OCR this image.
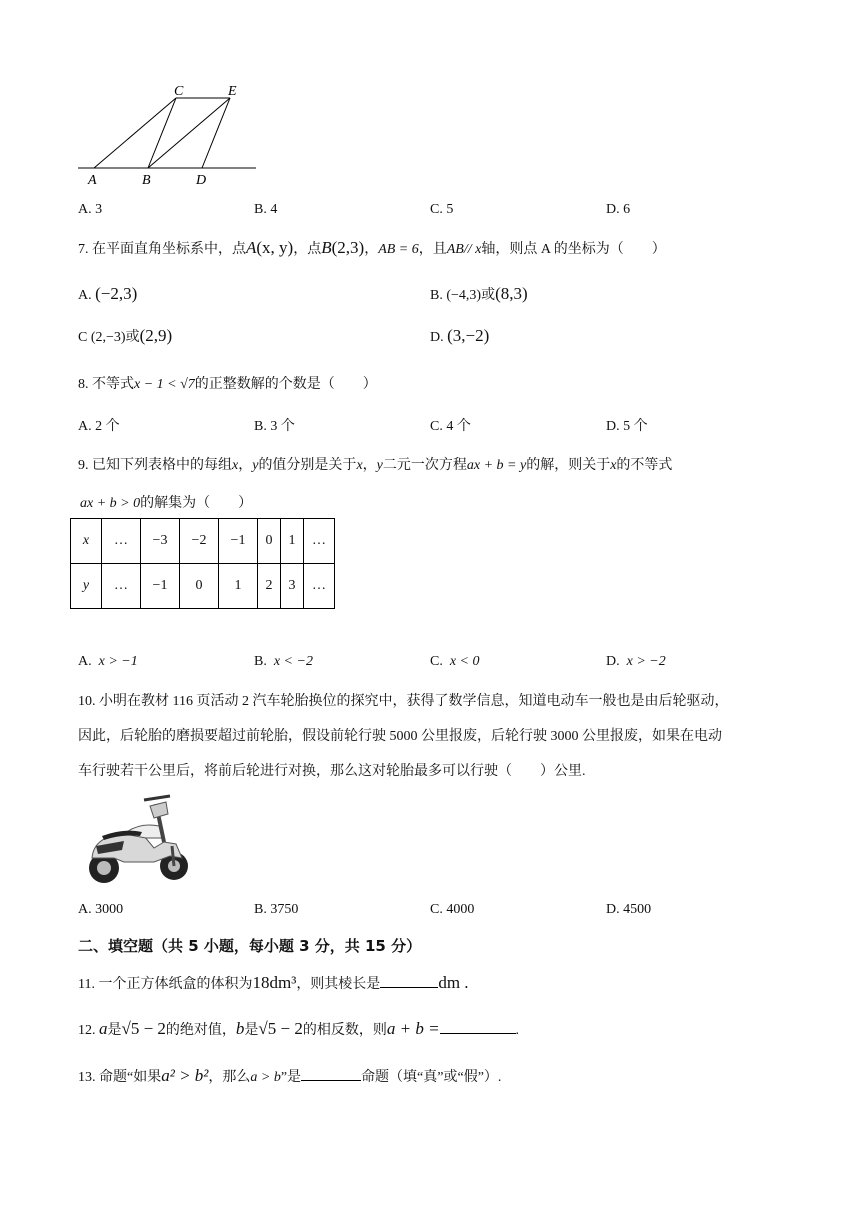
A	B	D
C	E
A. 3	B. 4	C. 5	D. 6
7. 在平面直角坐标系中，点A(x, y)，点B(2,3)，AB = 6，且AB// x轴，则点 A 的坐标为（　　）
A. (−2,3)	B. (−4,3)或(8,3)
C (2,−3)或(2,9)	D. (3,−2)
8. 不等式x − 1 < √7的正整数解的个数是（　　）
A. 2 个	B. 3 个	C. 4 个	D. 5 个
9. 已知下列表格中的每组x，y的值分别是关于x，y二元一次方程ax + b = y的解，则关于x的不等式
ax + b > 0的解集为（　　）
x	…	−3	−2	−1	0	1	…
y	…	−1	0	1	2	3	…
A. x > −1	B. x < −2	C. x < 0	D. x > −2
10. 小明在教材 116 页活动 2 汽车轮胎换位的探究中，获得了数学信息，知道电动车一般也是由后轮驱动，
因此，后轮胎的磨损要超过前轮胎，假设前轮行驶 5000 公里报废，后轮行驶 3000 公里报废，如果在电动
车行驶若干公里后，将前后轮进行对换，那么这对轮胎最多可以行驶（　　）公里.
A. 3000	B. 3750	C. 4000	D. 4500
二、填空题（共 5 小题，每小题 3 分，共 15 分）
11. 一个正方体纸盒的体积为18dm³，则其棱长是	dm .
12. a是√5 − 2的绝对值，b是√5 − 2的相反数，则a + b =	.
13. 命题“如果a² > b²，那么a > b”是	命题（填“真”或“假”）.
